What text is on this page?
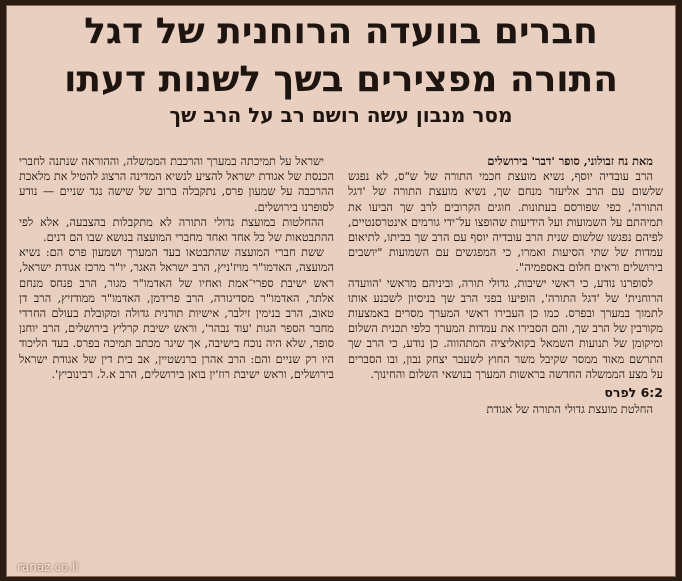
חברים בוועדה הרוחנית של דגל
התורה מפצירים בשך לשנות דעתו
מסר מנבון עשה רושם רב על הרב שך

מאת נח זבולוני, סופר 'דבר' בירושלים

הרב עובדיה יוסף, נשיא מועצת חכמי התורה של ש"ס, לא נפגש שלשום עם הרב אליעזר מנחם שך, נשיא מועצת התורה של 'דגל התורה', כפי שפורסם בעתונות. חוגים הקרובים לרב שך הביעו את תמיהתם על השמועות ועל הידיעות שהופצו על־ידי גורמים אינטרסנטיים, לפיהם נפגשו שלשום שנית הרב עובדיה יוסף עם הרב שך בביתו, לתיאום עמדות של שתי הסיעות ואמרו, כי המפגשים עם השמועות "יושבים בירושלים וראים חלום באספמיה".

לסופרנו נודע, כי ראשי ישיבות, גדולי תורה, וביניהם מראשי 'הוועדה הרוחנית' של 'דגל התורה', הופיעו בפני הרב שך בניסיון לשכנע אותו לתמוך במערך ובפרס. כמו כן העבירו ראשי המערך מסרים באמצעות מקורבין של הרב שך, והם הסבירו את עמדות המערך כלפי תכנית השלום ומיקומן של תנועות השמאל בקואליציה המתהווה. כן נודע, כי הרב שך התרשם מאוד ממסר שקיבל משר החוץ לשעבר יצחק נבון, ובו הסברים על מצע הממשלה החדשה בראשות המערך בנושאי השלום והחינוך.

6:2 לפרס

החלטת מועצת גדולי התורה של אגודת

ישראל על תמיכתה במערך והרכבת הממשלה, וההוראה שנתנה לחברי הכנסת של אגודת ישראל להציע לנשיא המדינה הרצוג להטיל את מלאכת ההרכבה על שמעון פרס, נתקבלה ברוב של שישה נגד שניים — נודע לסופרנו בירושלים.

ההחלטות במועצת גדולי התורה לא מתקבלות בהצבעה, אלא לפי ההתבטאות של כל אחד ואחד מחברי המועצה בנושא שבו הם דנים.

ששת חברי המועצה שהתבטאו בעד המערך ושמעון פרס הם: נשיא המועצה, האדמו"ר מויז'ניץ, הרב ישראל האגר, יו"ר מרכז אגודת ישראל, ראש ישיבת ספרי־אמת ואחיו של האדמו"ר מגור, הרב פנחס מנחם אלתר, האדמו"ר מסדיגורה, הרב פרידמן, האדמו"ר ממודזיץ, הרב דן טאוב, הרב בנימין זילבר, אישיות תורנית גדולה ומקובלת בעולם החרדי מחבר הספר הגות 'עוד נבהר', וראש ישיבת קרליץ בירושלים, הרב יוחנן סופר, שלא היה נוכח בישיבה, אך שיגר מכתב תמיכה בפרס. בעד הליכוד היו רק שניים והם: הרב אהרן ברנשטיין, אב בית דין של אגודת ישראל בירושלים, וראש ישיבת רוז'ין בואן בירושלים, הרב א.ל. רבינוביץ'.

ranaz.co.il
